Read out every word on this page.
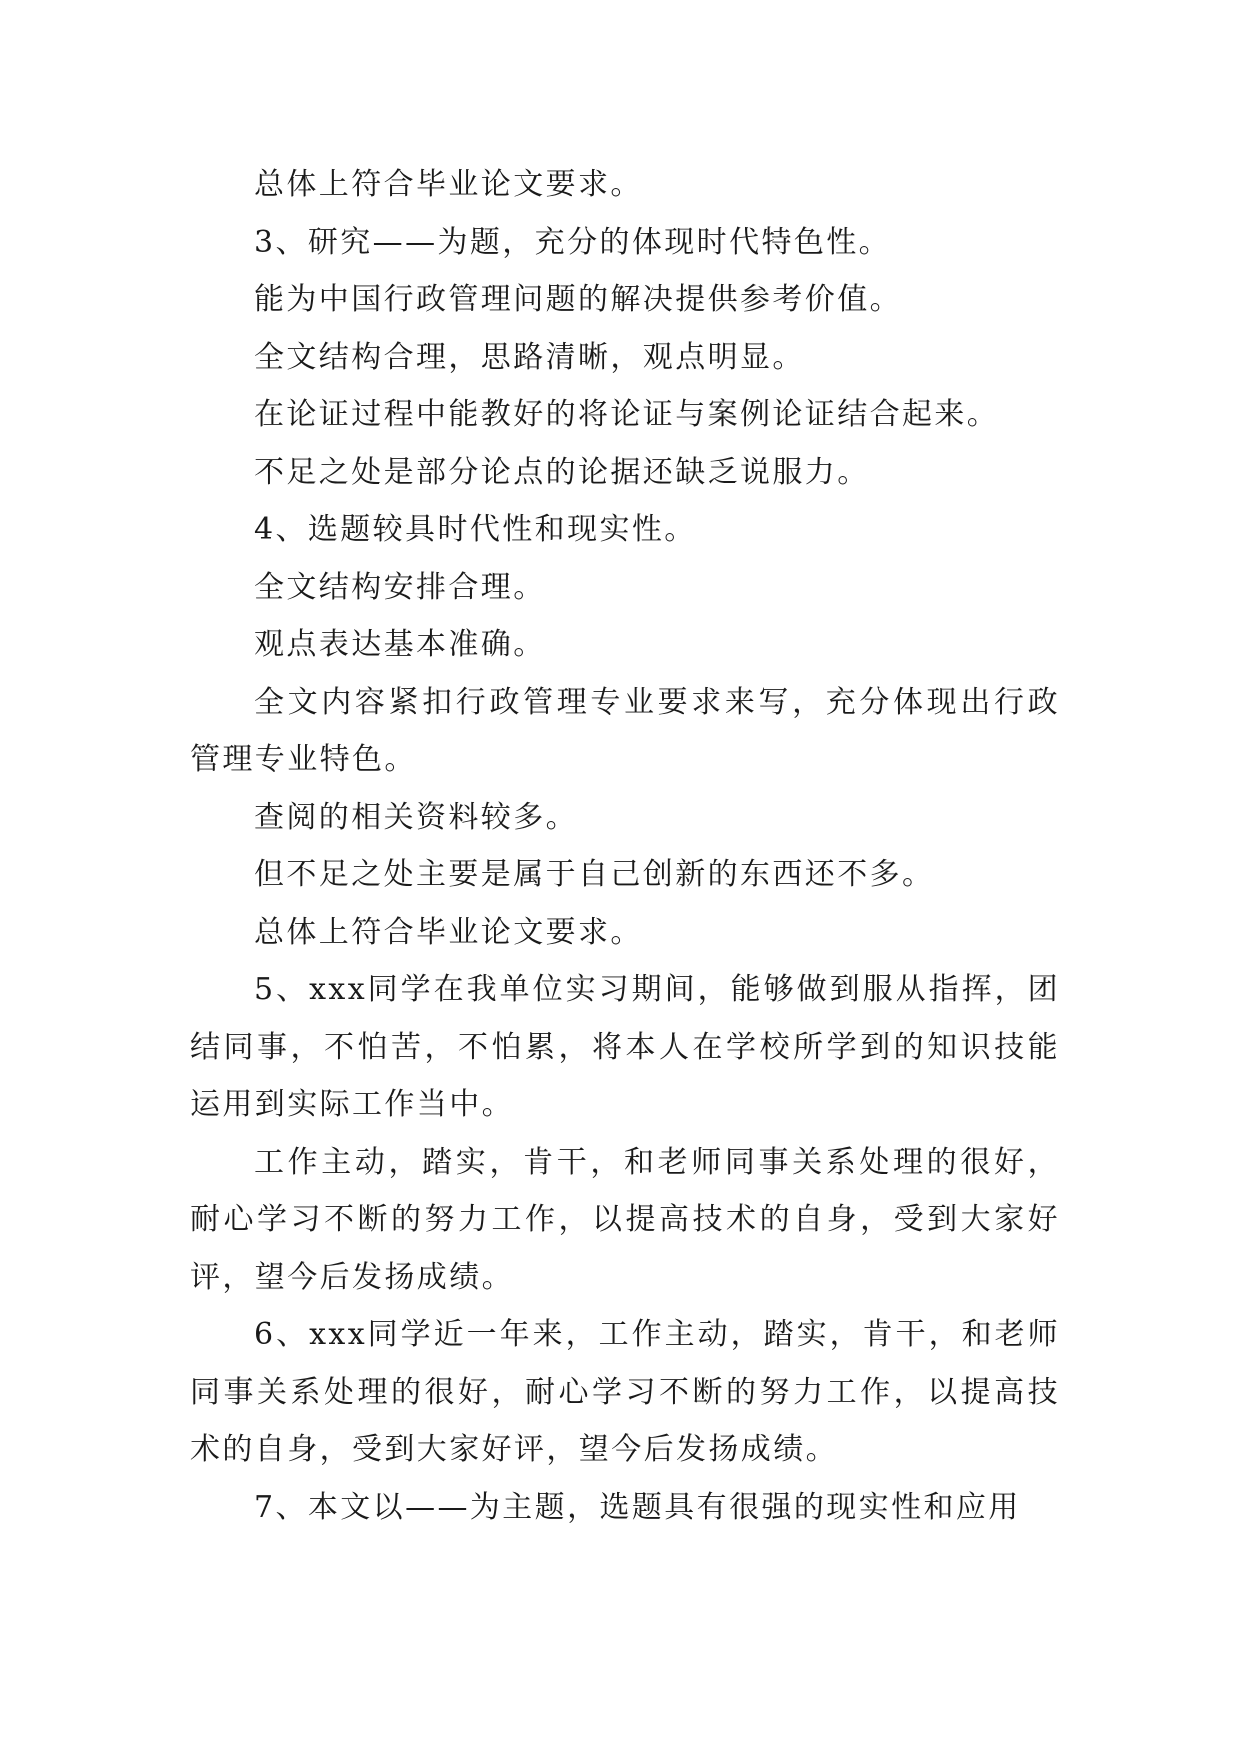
总体上符合毕业论文要求。

3、研究——为题，充分的体现时代特色性。

能为中国行政管理问题的解决提供参考价值。

全文结构合理，思路清晰，观点明显。

在论证过程中能教好的将论证与案例论证结合起来。

不足之处是部分论点的论据还缺乏说服力。

4、选题较具时代性和现实性。

全文结构安排合理。

观点表达基本准确。

全文内容紧扣行政管理专业要求来写，充分体现出行政管理专业特色。

查阅的相关资料较多。

但不足之处主要是属于自己创新的东西还不多。

总体上符合毕业论文要求。

5、xxx同学在我单位实习期间，能够做到服从指挥，团结同事，不怕苦，不怕累，将本人在学校所学到的知识技能运用到实际工作当中。

工作主动，踏实，肯干，和老师同事关系处理的很好，耐心学习不断的努力工作，以提高技术的自身，受到大家好评，望今后发扬成绩。

6、xxx同学近一年来，工作主动，踏实，肯干，和老师同事关系处理的很好，耐心学习不断的努力工作，以提高技术的自身，受到大家好评，望今后发扬成绩。

7、本文以——为主题，选题具有很强的现实性和应用
